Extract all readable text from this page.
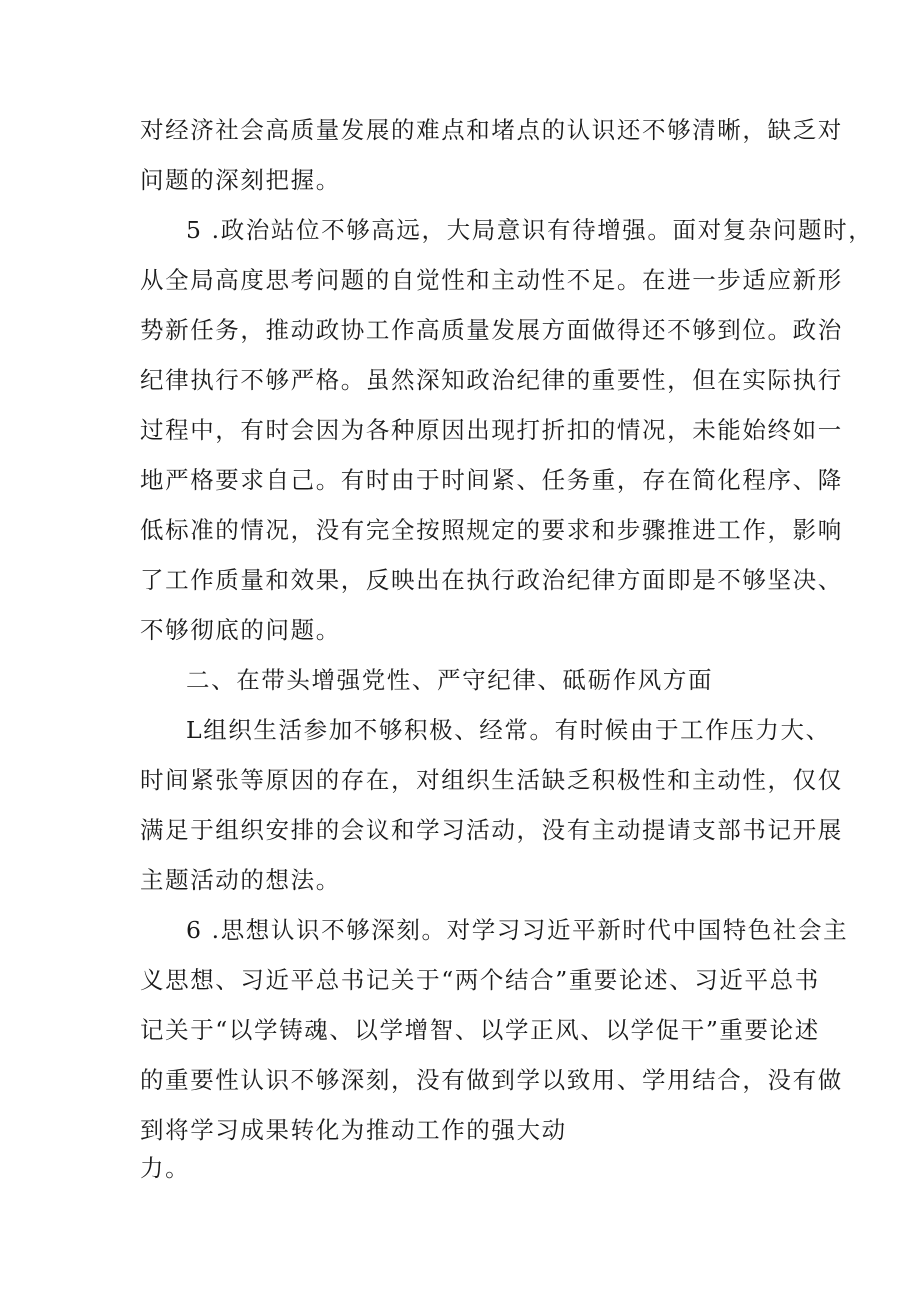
对经济社会高质量发展的难点和堵点的认识还不够清晰，缺乏对
问题的深刻把握。
5 .政治站位不够高远，大局意识有待增强。面对复杂问题时，
从全局高度思考问题的自觉性和主动性不足。在进一步适应新形
势新任务，推动政协工作高质量发展方面做得还不够到位。政治
纪律执行不够严格。虽然深知政治纪律的重要性，但在实际执行
过程中，有时会因为各种原因出现打折扣的情况，未能始终如一
地严格要求自己。有时由于时间紧、任务重，存在简化程序、降
低标准的情况，没有完全按照规定的要求和步骤推进工作，影响
了工作质量和效果，反映出在执行政治纪律方面即是不够坚决、
不够彻底的问题。
二、在带头增强党性、严守纪律、砥砺作风方面
L组织生活参加不够积极、经常。有时候由于工作压力大、
时间紧张等原因的存在，对组织生活缺乏积极性和主动性，仅仅
满足于组织安排的会议和学习活动，没有主动提请支部书记开展
主题活动的想法。
6 .思想认识不够深刻。对学习习近平新时代中国特色社会主
义思想、习近平总书记关于“两个结合”重要论述、习近平总书
记关于“以学铸魂、以学增智、以学正风、以学促干”重要论述
的重要性认识不够深刻，没有做到学以致用、学用结合，没有做
到将学习成果转化为推动工作的强大动
力。
